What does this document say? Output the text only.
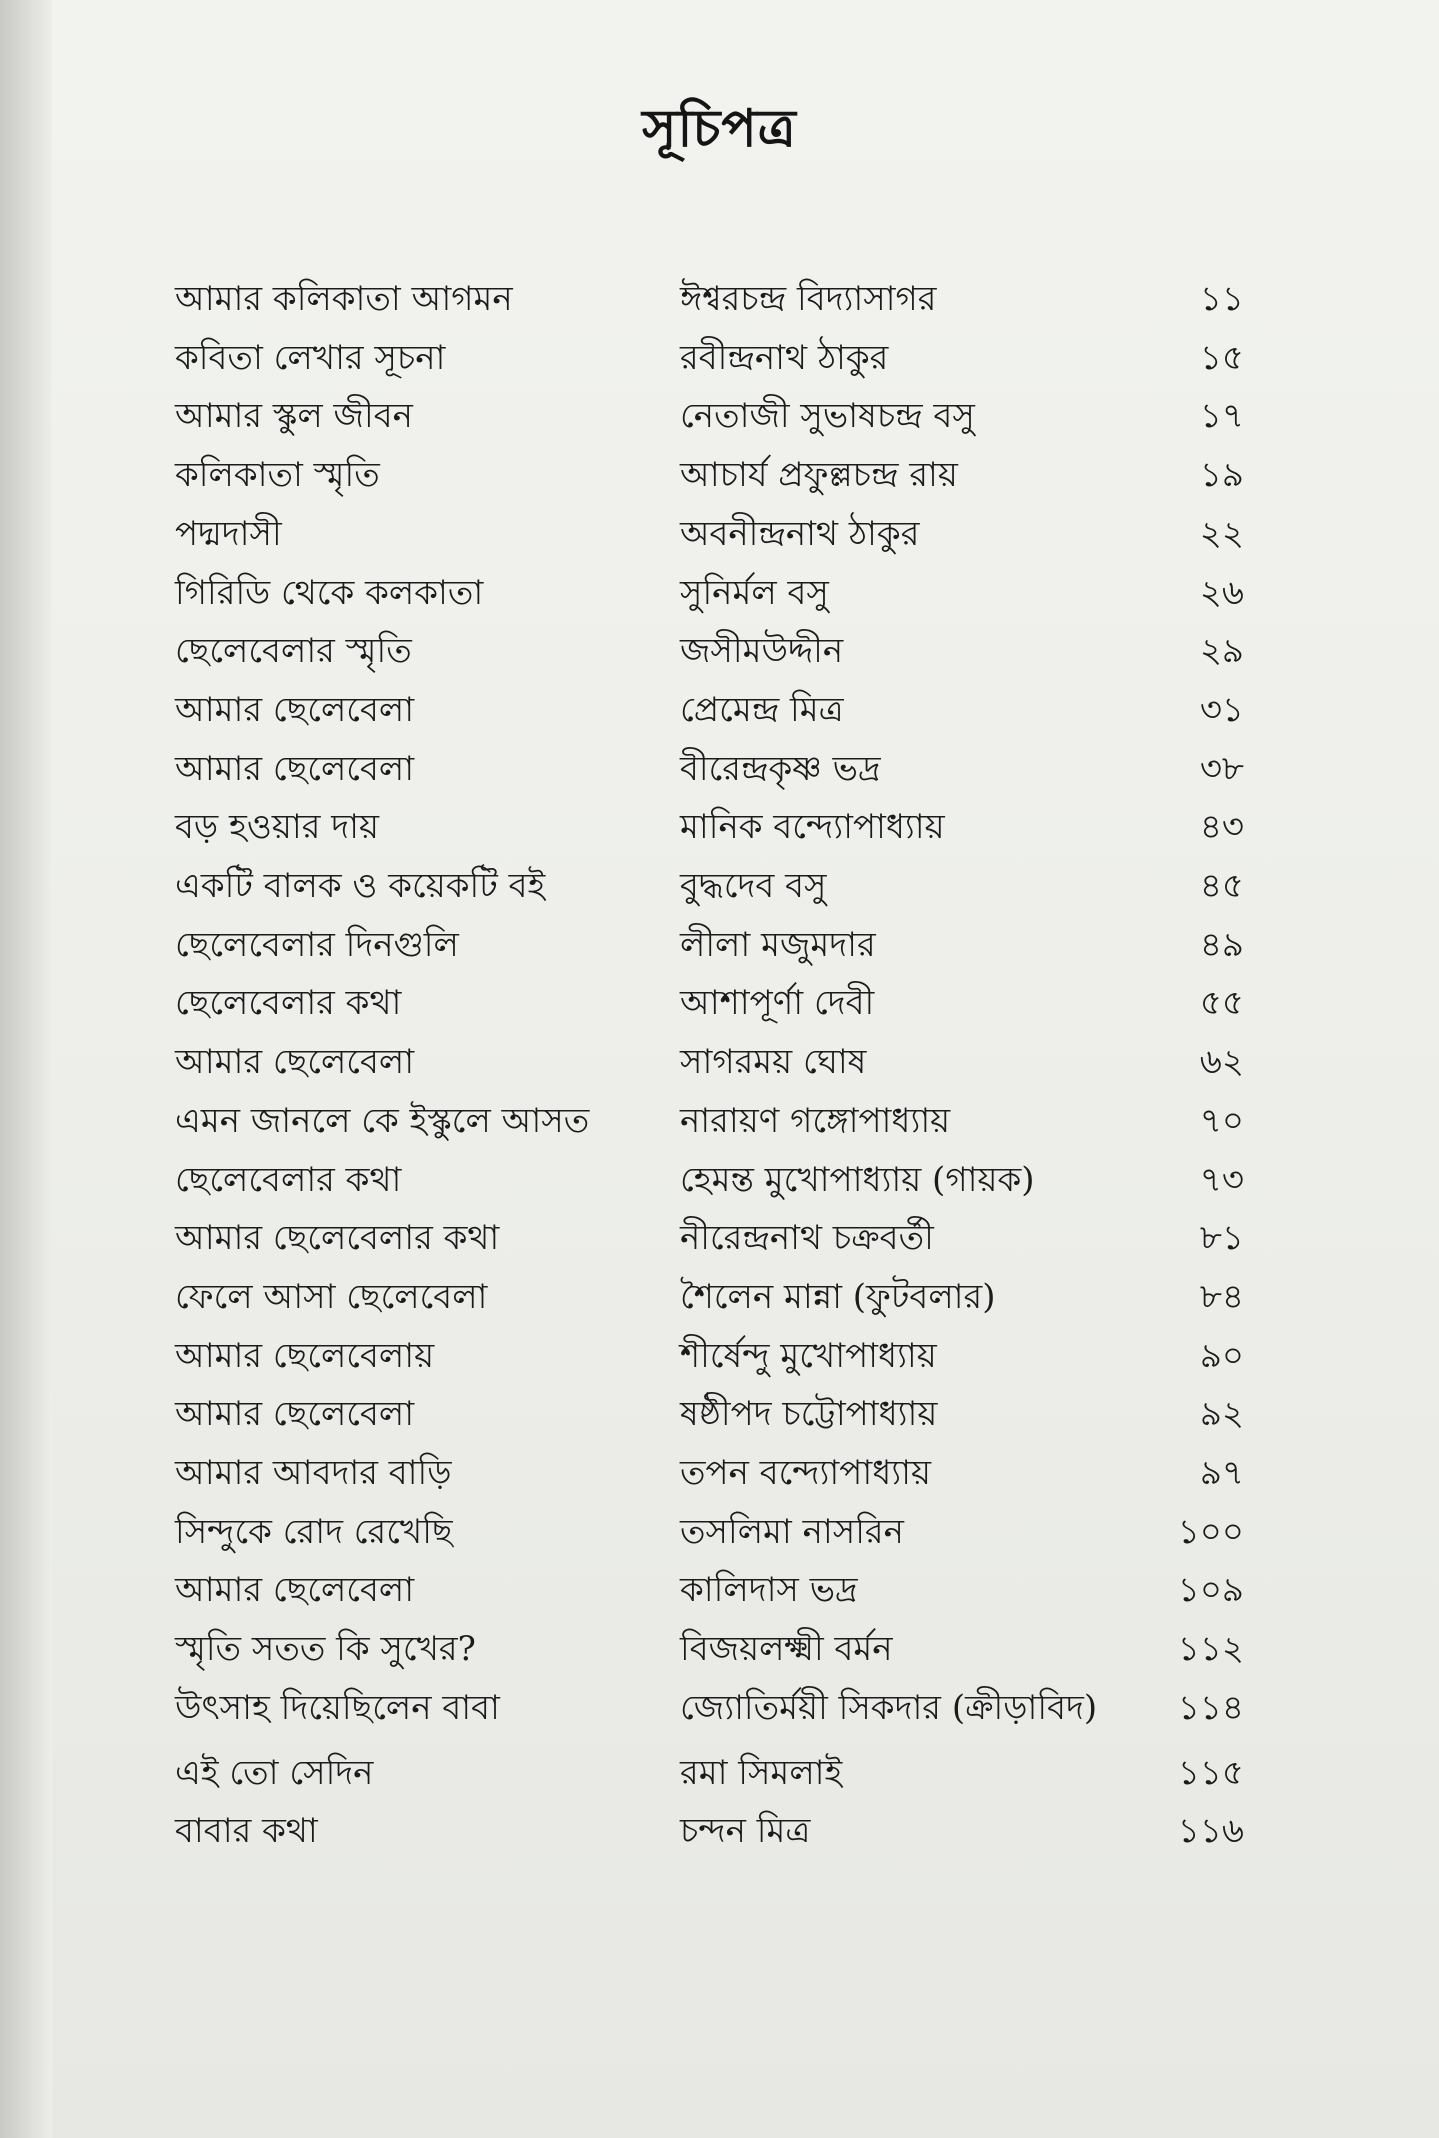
সূচিপত্র
আমার কলিকাতা আগমন	ঈশ্বরচন্দ্র বিদ্যাসাগর	১১
কবিতা লেখার সূচনা	রবীন্দ্রনাথ ঠাকুর	১৫
আমার স্কুল জীবন	নেতাজী সুভাষচন্দ্র বসু	১৭
কলিকাতা স্মৃতি	আচার্য প্রফুল্লচন্দ্র রায়	১৯
পদ্মদাসী	অবনীন্দ্রনাথ ঠাকুর	২২
গিরিডি থেকে কলকাতা	সুনির্মল বসু	২৬
ছেলেবেলার স্মৃতি	জসীমউদ্দীন	২৯
আমার ছেলেবেলা	প্রেমেন্দ্র মিত্র	৩১
আমার ছেলেবেলা	বীরেন্দ্রকৃষ্ণ ভদ্র	৩৮
বড় হওয়ার দায়	মানিক বন্দ্যোপাধ্যায়	৪৩
একটি বালক ও কয়েকটি বই	বুদ্ধদেব বসু	৪৫
ছেলেবেলার দিনগুলি	লীলা মজুমদার	৪৯
ছেলেবেলার কথা	আশাপূর্ণা দেবী	৫৫
আমার ছেলেবেলা	সাগরময় ঘোষ	৬২
এমন জানলে কে ইস্কুলে আসত	নারায়ণ গঙ্গোপাধ্যায়	৭০
ছেলেবেলার কথা	হেমন্ত মুখোপাধ্যায় (গায়ক)	৭৩
আমার ছেলেবেলার কথা	নীরেন্দ্রনাথ চক্রবর্তী	৮১
ফেলে আসা ছেলেবেলা	শৈলেন মান্না (ফুটবলার)	৮৪
আমার ছেলেবেলায়	শীর্ষেন্দু মুখোপাধ্যায়	৯০
আমার ছেলেবেলা	ষষ্ঠীপদ চট্টোপাধ্যায়	৯২
আমার আবদার বাড়ি	তপন বন্দ্যোপাধ্যায়	৯৭
সিন্দুকে রোদ রেখেছি	তসলিমা নাসরিন	১০০
আমার ছেলেবেলা	কালিদাস ভদ্র	১০৯
স্মৃতি সতত কি সুখের?	বিজয়লক্ষ্মী বর্মন	১১২
উৎসাহ দিয়েছিলেন বাবা	জ্যোতির্ময়ী সিকদার (ক্রীড়াবিদ) ১১৪
এই তো সেদিন	রমা সিমলাই	১১৫
বাবার কথা	চন্দন মিত্র	১১৬
